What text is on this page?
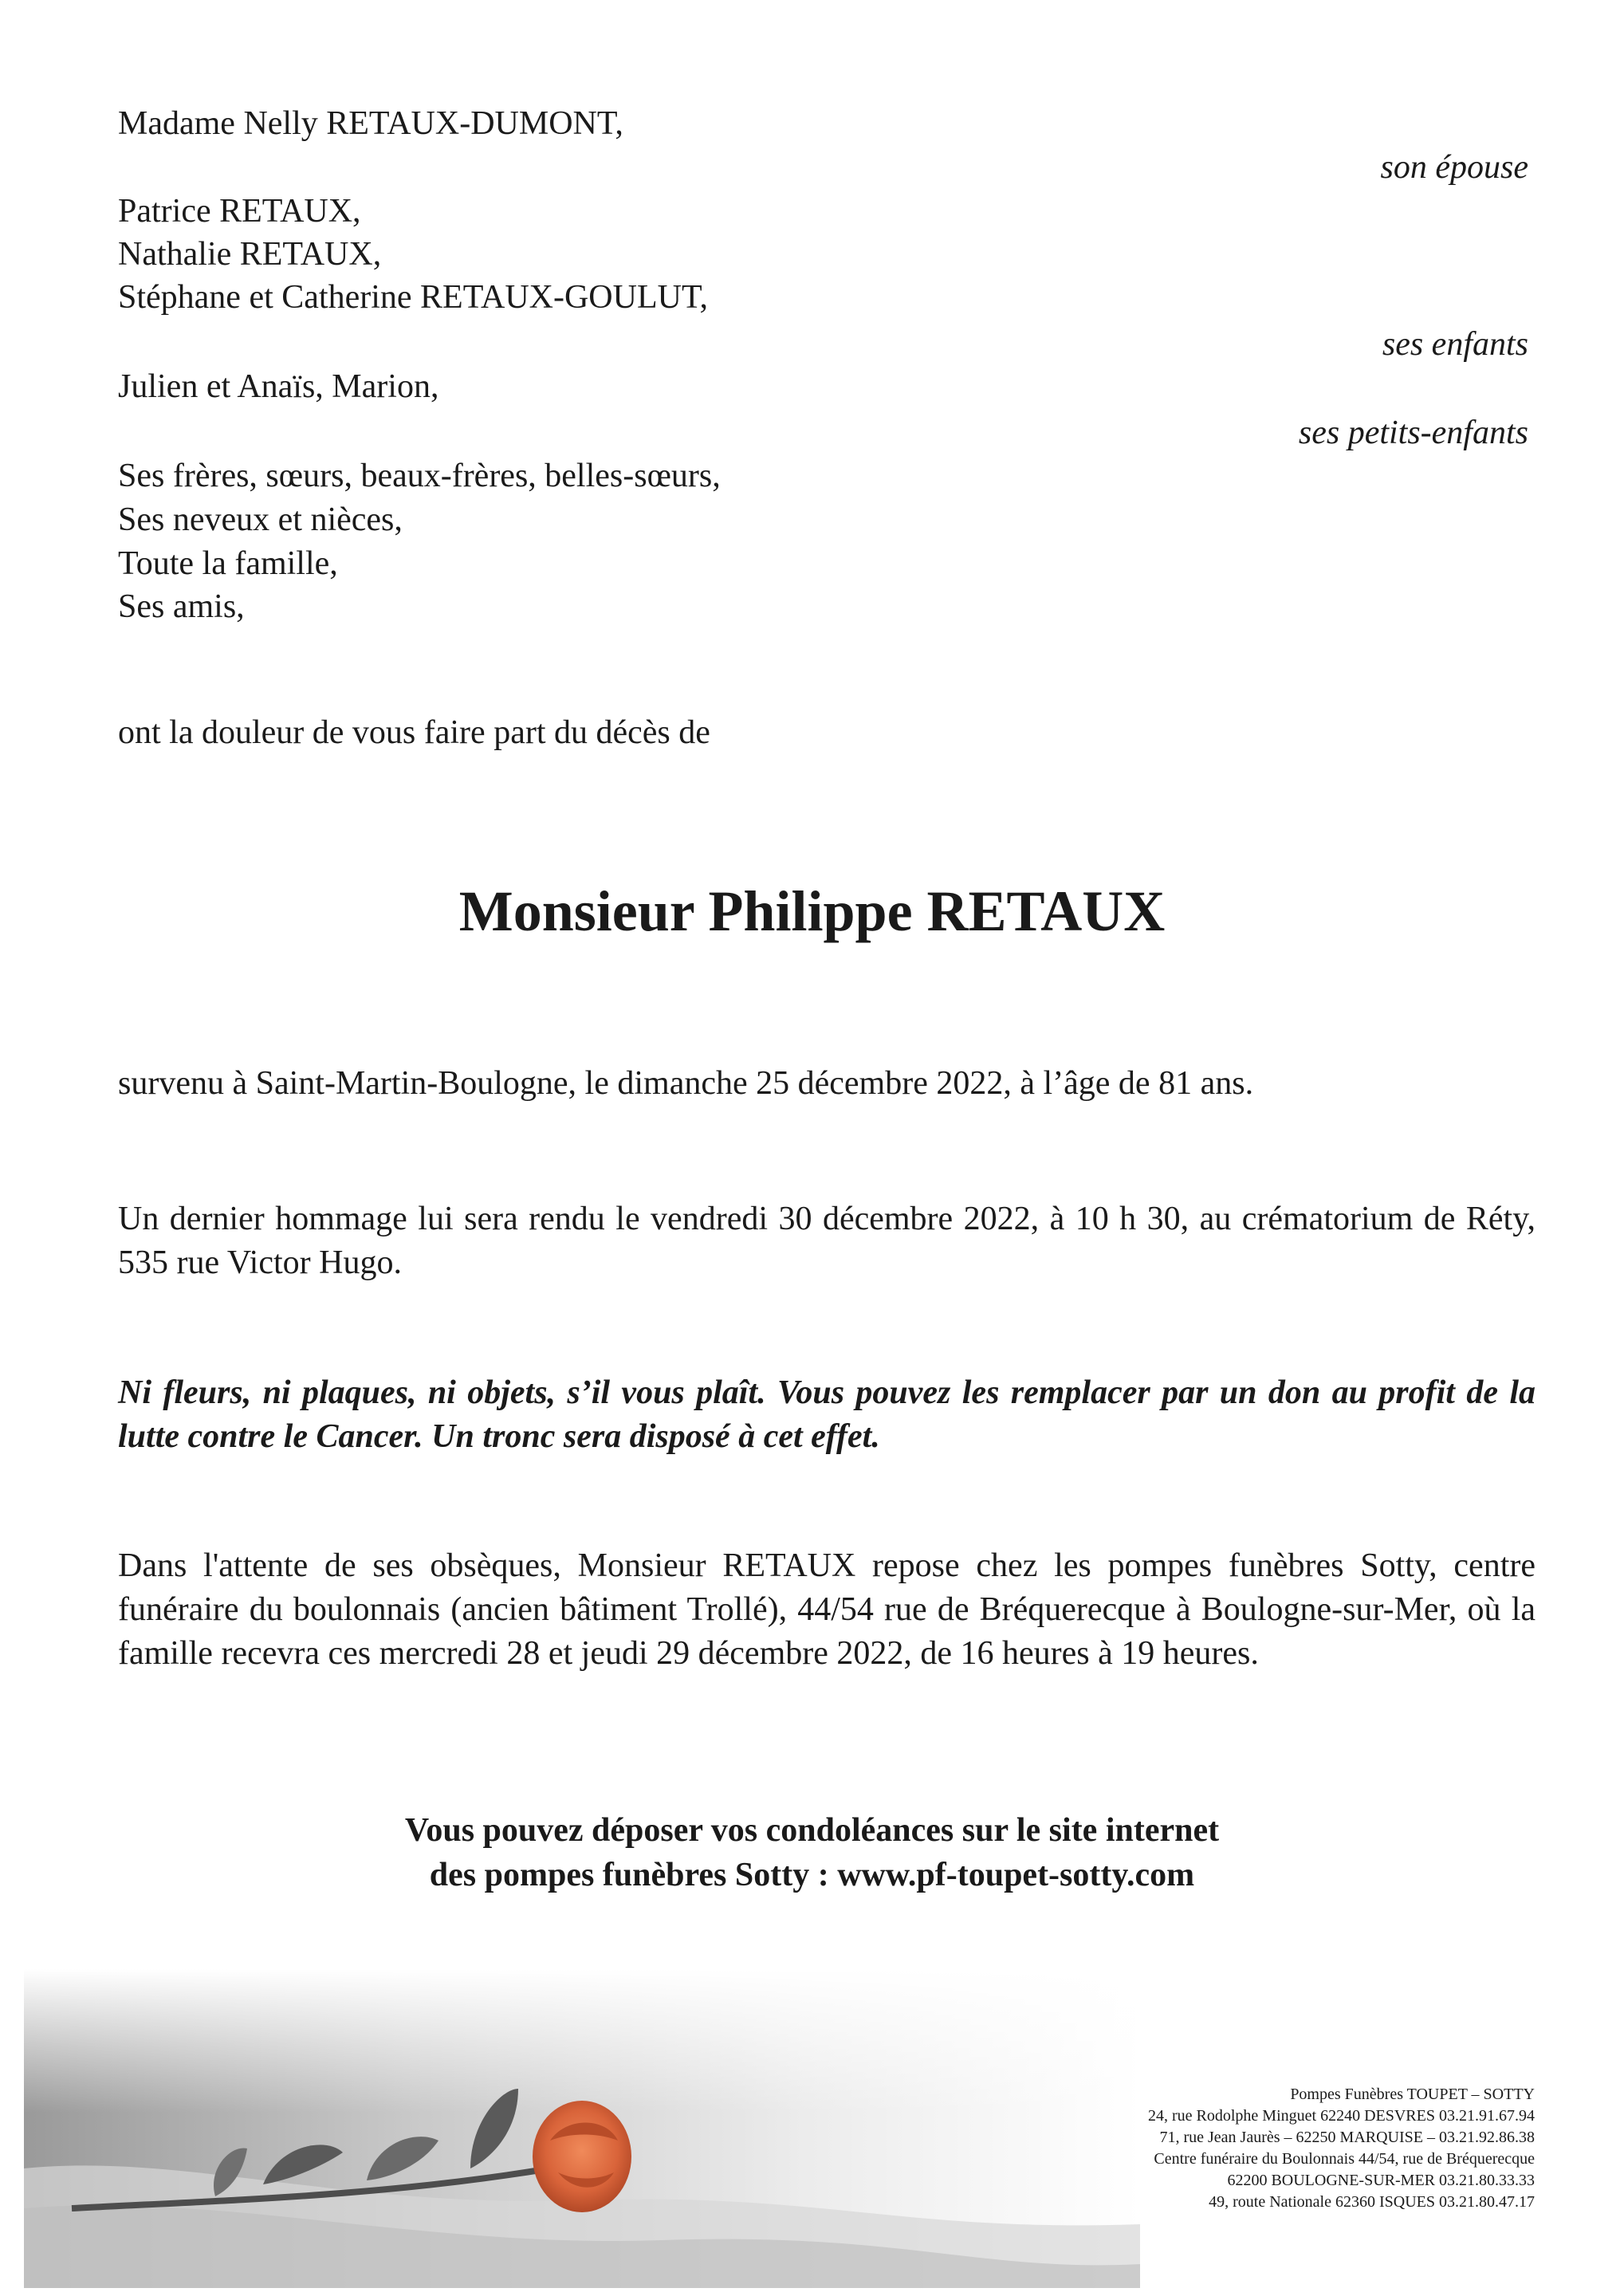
Madame Nelly RETAUX-DUMONT,
son épouse
Patrice RETAUX,
Nathalie RETAUX,
Stéphane et Catherine RETAUX-GOULUT,
ses enfants
Julien et Anaïs, Marion,
ses petits-enfants
Ses frères, sœurs, beaux-frères, belles-sœurs,
Ses neveux et nièces,
Toute la famille,
Ses amis,
ont la douleur de vous faire part du décès de
Monsieur Philippe RETAUX
survenu à Saint-Martin-Boulogne, le dimanche 25 décembre 2022, à l’âge de 81 ans.
Un dernier hommage lui sera rendu le vendredi 30 décembre 2022, à 10 h 30, au crématorium de Réty, 535 rue Victor Hugo.
Ni fleurs, ni plaques, ni objets, s’il vous plaît. Vous pouvez les remplacer par un don au profit de la lutte contre le Cancer. Un tronc sera disposé à cet effet.
Dans l'attente de ses obsèques, Monsieur RETAUX repose chez les pompes funèbres Sotty, centre funéraire du boulonnais (ancien bâtiment Trollé), 44/54 rue de Bréquerecque à Boulogne-sur-Mer, où la famille recevra ces mercredi 28 et jeudi 29 décembre 2022, de 16 heures à 19 heures.
Vous pouvez déposer vos condoléances sur le site internet
des pompes funèbres Sotty : www.pf-toupet-sotty.com
Pompes Funèbres TOUPET – SOTTY
24, rue Rodolphe Minguet 62240 DESVRES 03.21.91.67.94
71, rue Jean Jaurès – 62250 MARQUISE – 03.21.92.86.38
Centre funéraire du Boulonnais 44/54, rue de Bréquerecque
62200 BOULOGNE-SUR-MER 03.21.80.33.33
49, route Nationale 62360 ISQUES 03.21.80.47.17
